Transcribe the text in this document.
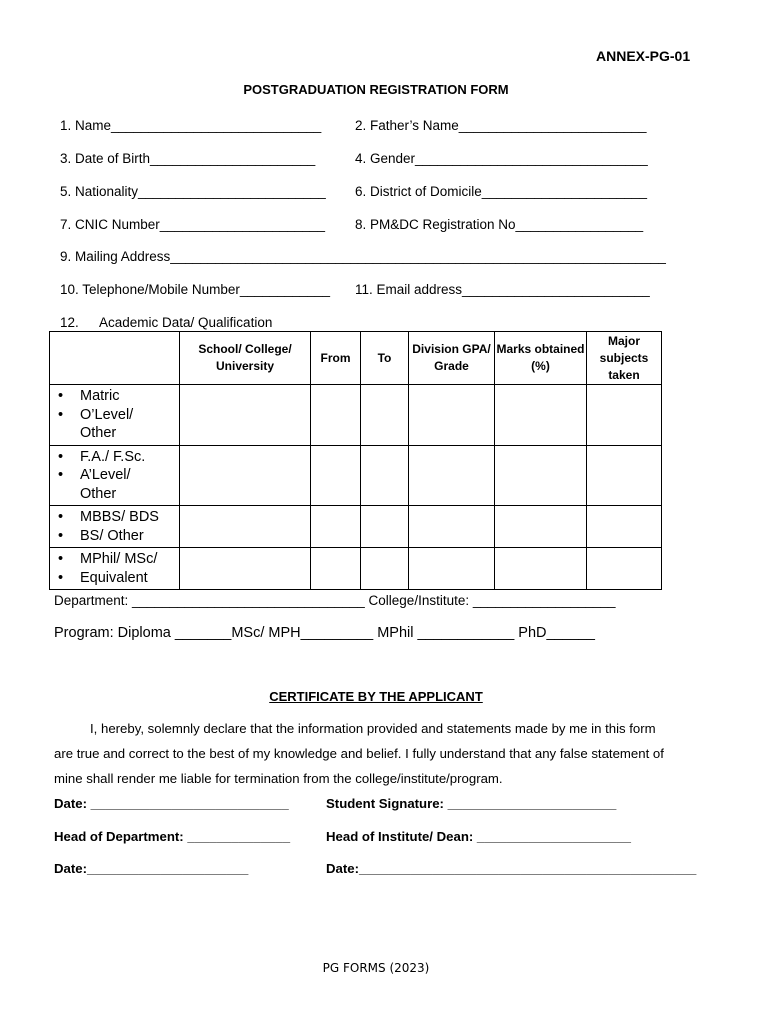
ANNEX-PG-01
POSTGRADUATION REGISTRATION FORM
1. Name____________________________	2. Father’s Name_________________________
3. Date of Birth______________________	4. Gender_______________________________
5. Nationality_________________________ 6. District of Domicile______________________
7. CNIC Number______________________ 8. PM&DC Registration No_________________
9. Mailing Address__________________________________________________________________
10. Telephone/Mobile Number____________ 11. Email address_________________________
12. Academic Data/ Qualification
	School/ College/ University	From	To	Division GPA/ Grade	Marks obtained (%)	Major subjects taken

• Matric
• O’Level/
Other

• F.A./ F.Sc.
• A’Level/
Other

• MBBS/ BDS
• BS/ Other

• MPhil/ MSc/
• Equivalent

Department: _______________________________ College/Institute: ___________________
Program: Diploma _______MSc/ MPH_________ MPhil ____________ PhD______
CERTIFICATE BY THE APPLICANT

I, hereby, solemnly declare that the information provided and statements made by me in this form

are true and correct to the best of my knowledge and belief. I fully understand that any false statement of

mine shall render me liable for termination from the college/institute/program.

Date: ___________________________	Student Signature: _______________________
Head of Department: ______________	Head of Institute/ Dean: _____________________
Date:______________________	Date:______________________________________________
PG FORMS (2023)
